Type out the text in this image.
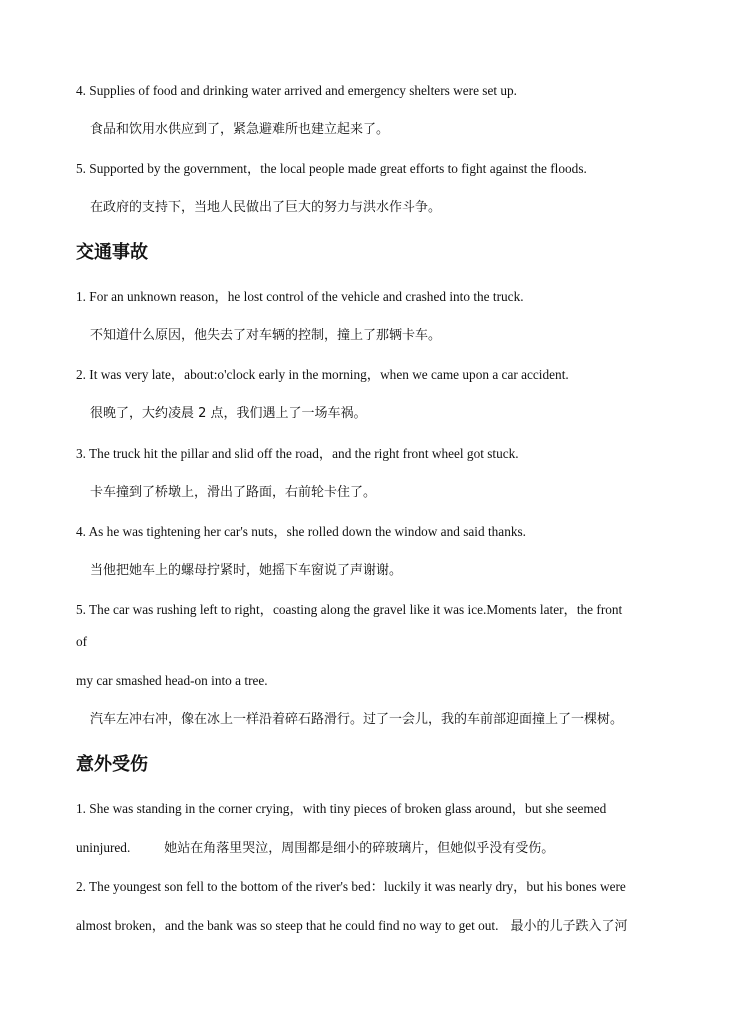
4. Supplies of food and drinking water arrived and emergency shelters were set up.
食品和饮用水供应到了，紧急避难所也建立起来了。
5. Supported by the government，the local people made great efforts to fight against the floods.
在政府的支持下，当地人民做出了巨大的努力与洪水作斗争。
交通事故
1. For an unknown reason，he lost control of the vehicle and crashed into the truck.
不知道什么原因，他失去了对车辆的控制，撞上了那辆卡车。
2. It was very late，about:o'clock early in the morning，when we came upon a car accident.
很晚了，大约凌晨 2 点，我们遇上了一场车祸。
3. The truck hit the pillar and slid off the road，and the right front wheel got stuck.
卡车撞到了桥墩上，滑出了路面，右前轮卡住了。
4. As he was tightening her car's nuts，she rolled down the window and said thanks.
当他把她车上的螺母拧紧时，她摇下车窗说了声谢谢。
5. The car was rushing left to right，coasting along the gravel like it was ice.Moments later，the front
of
my car smashed head-on into a tree.
汽车左冲右冲，像在冰上一样沿着碎石路滑行。过了一会儿，我的车前部迎面撞上了一棵树。
意外受伤
1. She was standing in the corner crying，with tiny pieces of broken glass around，but she seemed
uninjured.	她站在角落里哭泣，周围都是细小的碎玻璃片，但她似乎没有受伤。
2. The youngest son fell to the bottom of the river's bed：luckily it was nearly dry，but his bones were
almost broken，and the bank was so steep that he could find no way to get out. 最小的儿子跌入了河
